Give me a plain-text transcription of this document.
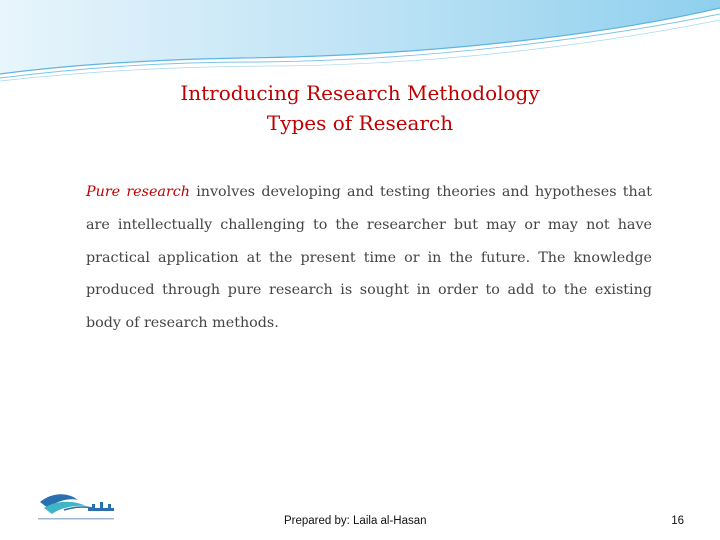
Introducing Research Methodology
Types of Research
Pure research involves developing and testing theories and hypotheses that are intellectually challenging to the researcher but may or may not have practical application at the present time or in the future. The knowledge produced through pure research is sought in order to add to the existing body of research methods.
Prepared by: Laila al-Hasan	16
